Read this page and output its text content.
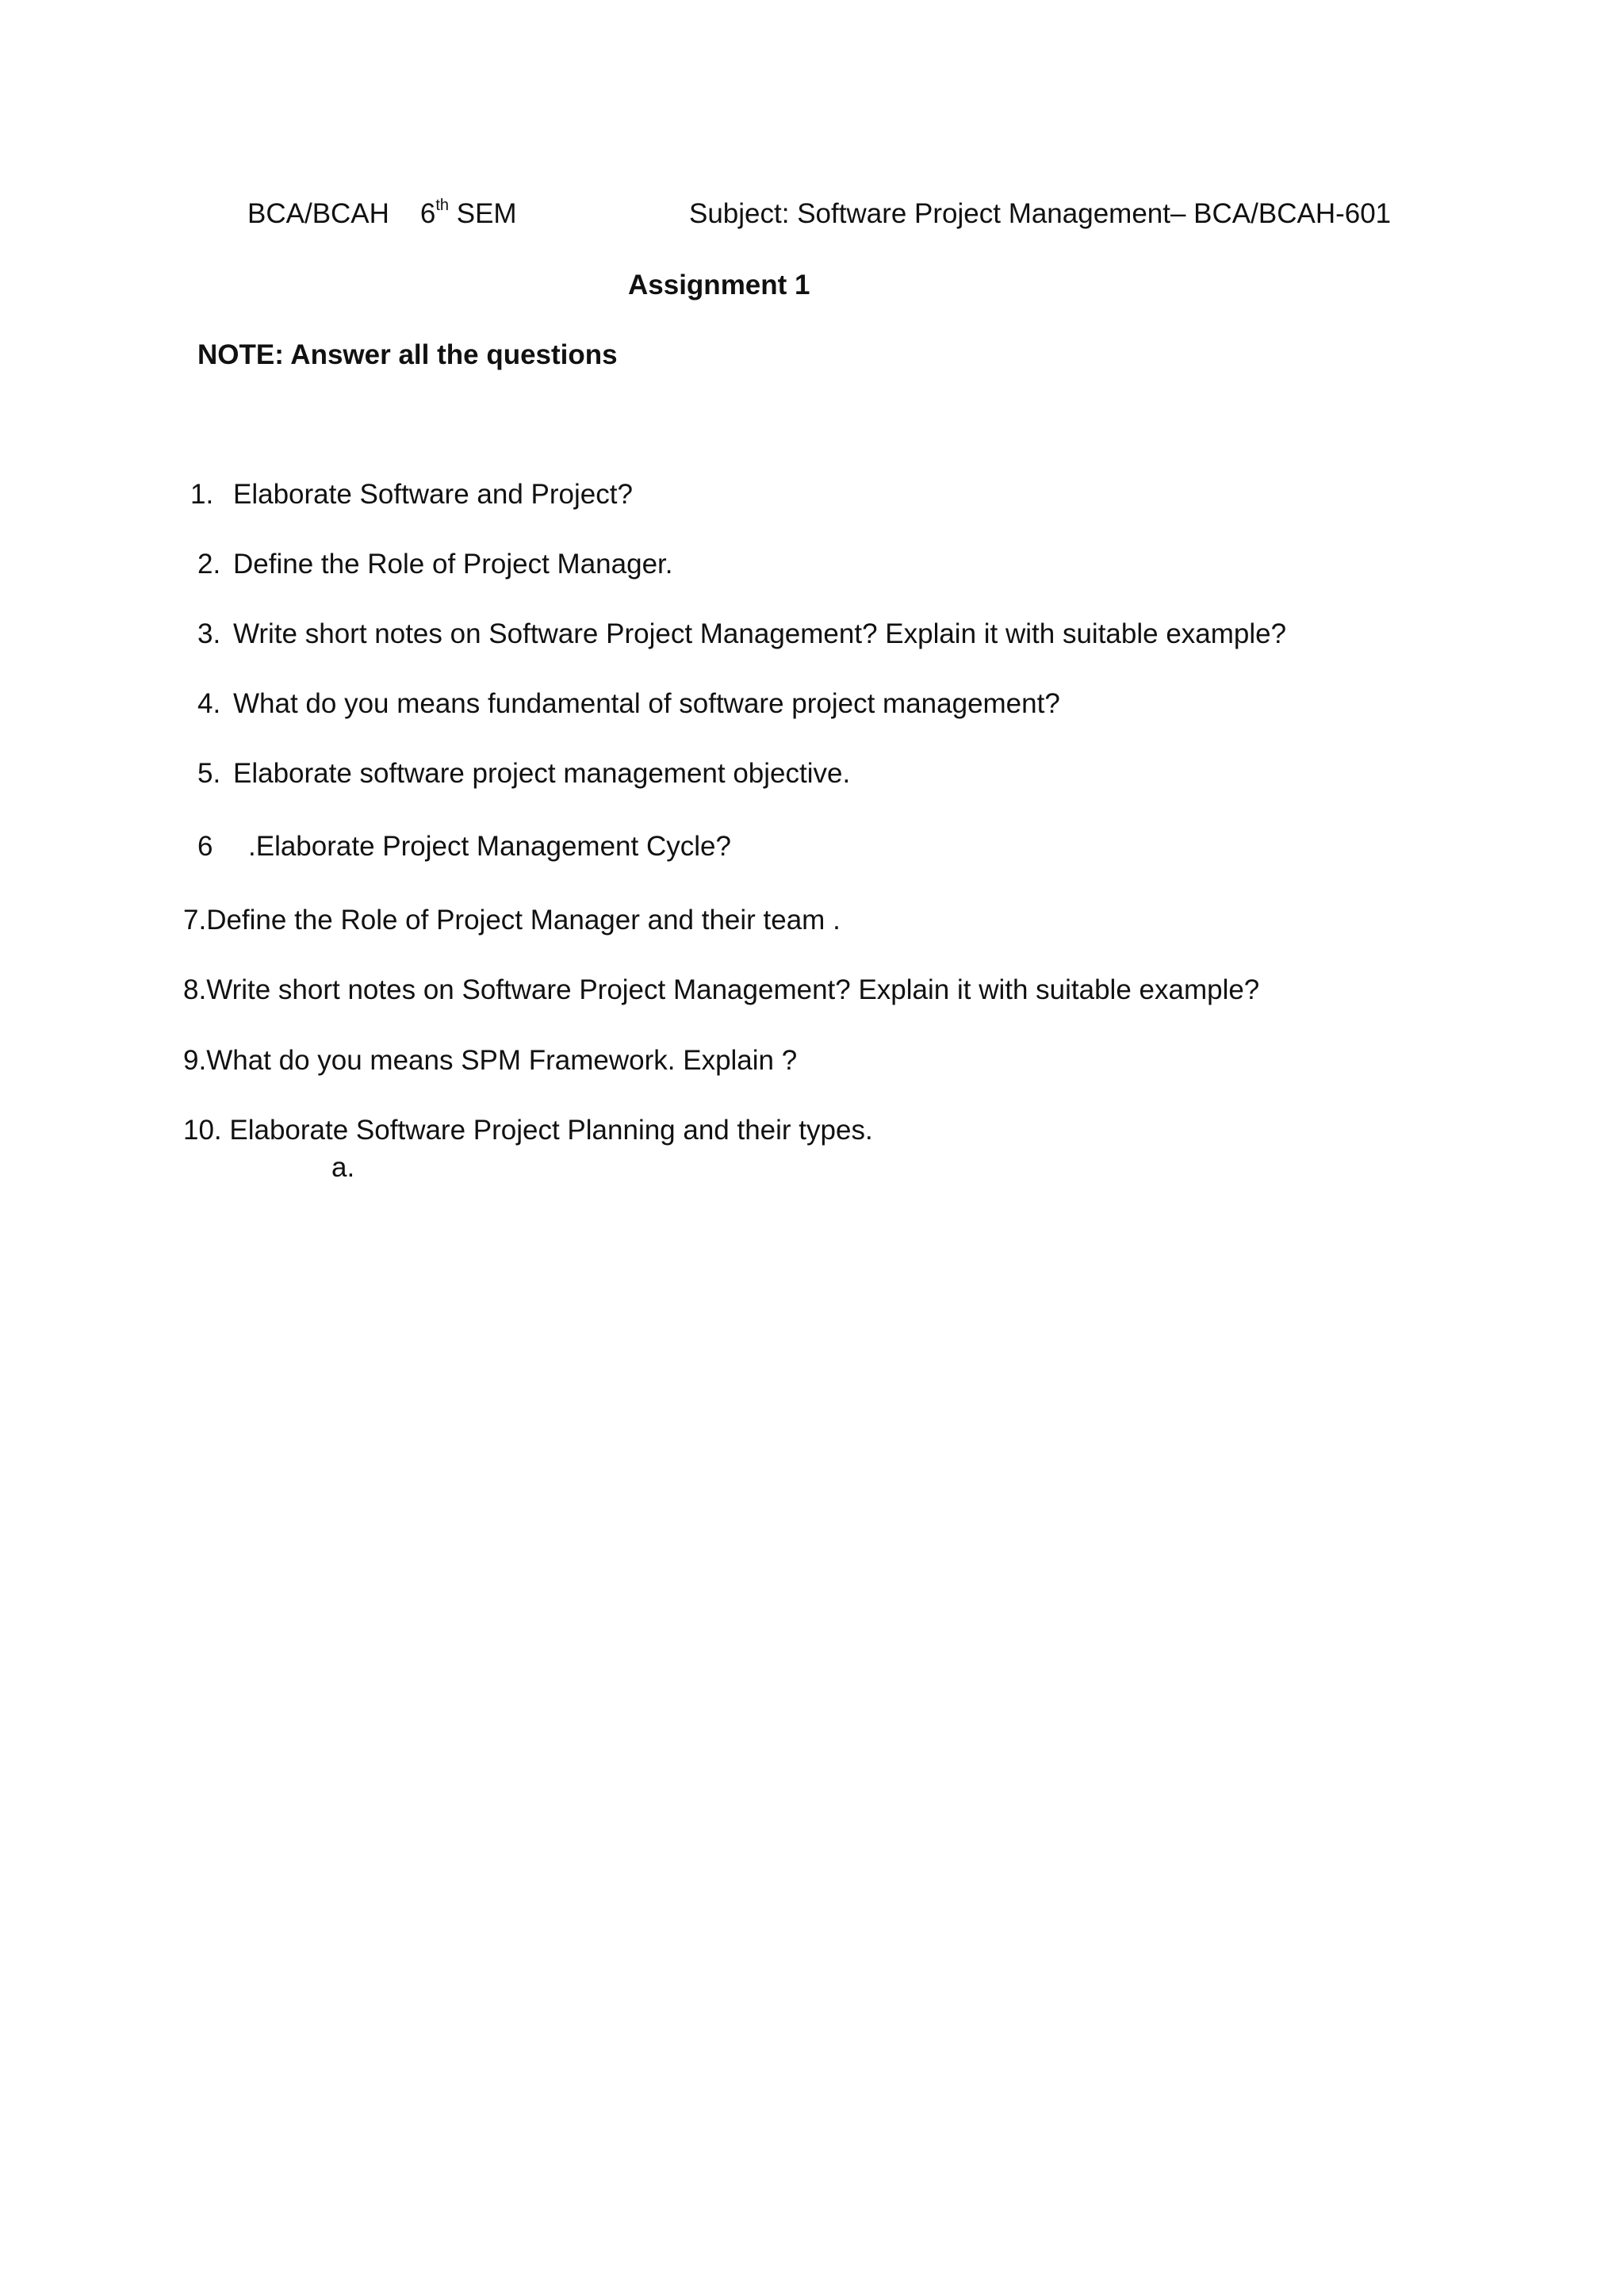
BCA/BCAH 6th SEM	Subject: Software Project Management– BCA/BCAH-601
Assignment 1
NOTE: Answer all the questions
1. Elaborate Software and Project?
2. Define the Role of Project Manager.
3. Write short notes on Software Project Management? Explain it with suitable example?
4. What do you means fundamental of software project management?
5. Elaborate software project management objective.
6 .Elaborate Project Management Cycle?
7.Define the Role of Project Manager and their team .
8.Write short notes on Software Project Management? Explain it with suitable example?
9.What do you means SPM Framework. Explain ?
10. Elaborate Software Project Planning and their types.
a.
